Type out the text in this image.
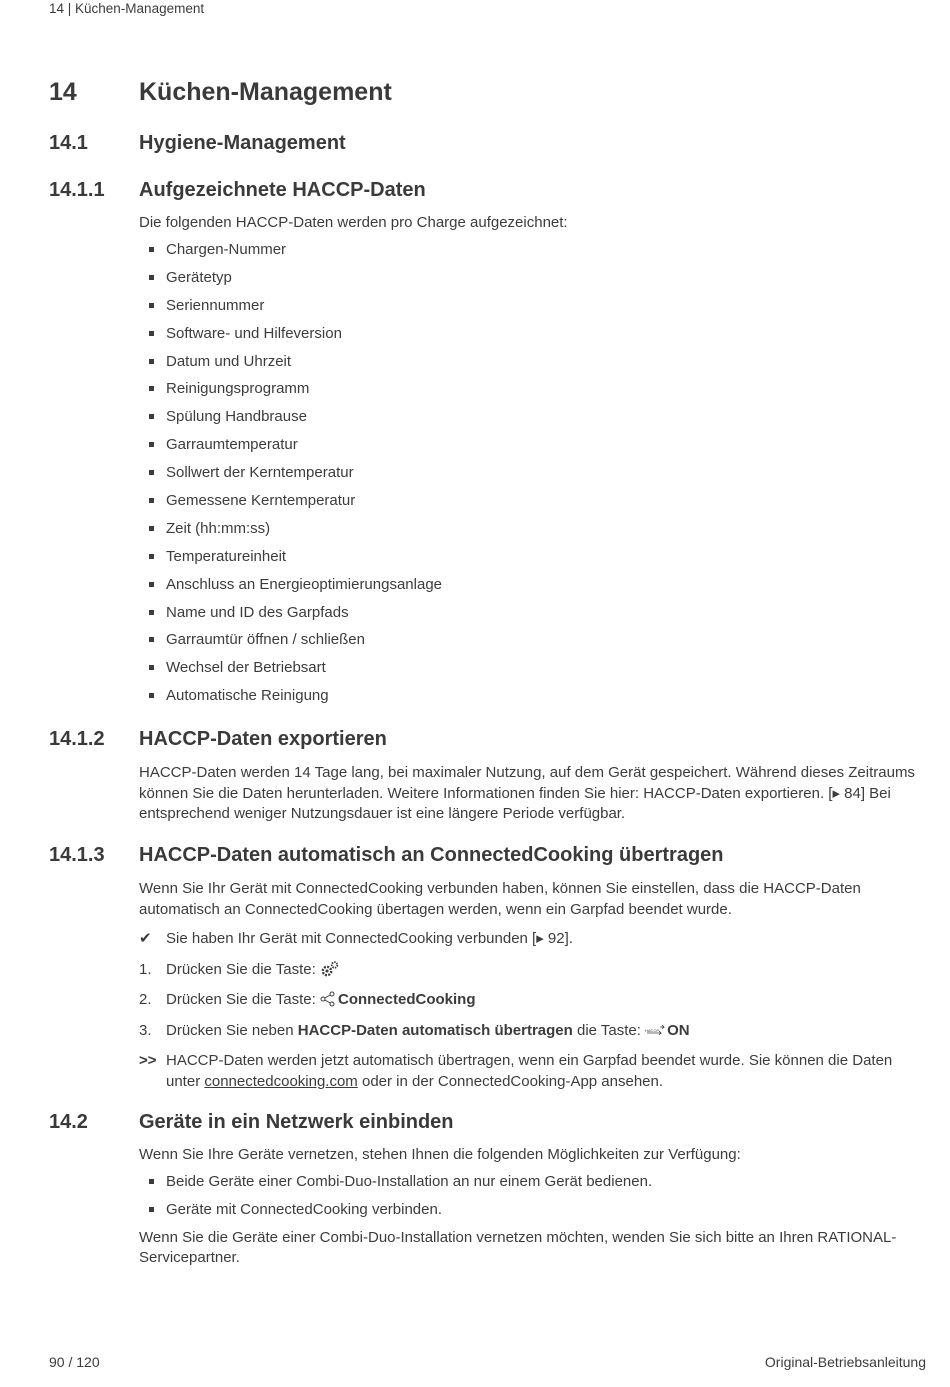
14 | Küchen-Management
14 Küchen-Management
14.1	Hygiene-Management
14.1.1 Aufgezeichnete HACCP-Daten

Die folgenden HACCP-Daten werden pro Charge aufgezeichnet:

Chargen-Nummer
Gerätetyp
Seriennummer
Software- und Hilfeversion
Datum und Uhrzeit
Reinigungsprogramm
Spülung Handbrause
Garraumtemperatur
Sollwert der Kerntemperatur
Gemessene Kerntemperatur
Zeit (hh:mm:ss)
Temperatureinheit
Anschluss an Energieoptimierungsanlage
Name und ID des Garpfads
Garraumtür öffnen / schließen
Wechsel der Betriebsart
Automatische Reinigung
14.1.2 HACCP-Daten exportieren

HACCP-Daten werden 14 Tage lang, bei maximaler Nutzung, auf dem Gerät gespeichert. Während dieses Zeitraums können Sie die Daten herunterladen. Weitere Informationen finden Sie hier: HACCP-Daten exportieren. [▸ 84] Bei entsprechend weniger Nutzungsdauer ist eine längere Periode verfügbar.

14.1.3 HACCP-Daten automatisch an ConnectedCooking übertragen

Wenn Sie Ihr Gerät mit ConnectedCooking verbunden haben, können Sie einstellen, dass die HACCP-Daten automatisch an ConnectedCooking übertagen werden, wenn ein Garpfad beendet wurde.

✔ Sie haben Ihr Gerät mit ConnectedCooking verbunden [▸ 92].
1. Drücken Sie die Taste:
2. Drücken Sie die Taste: ConnectedCooking
3. Drücken Sie neben HACCP-Daten automatisch übertragen die Taste: HACCP ON
>> HACCP-Daten werden jetzt automatisch übertragen, wenn ein Garpfad beendet wurde. Sie können die Daten unter connectedcooking.com oder in der ConnectedCooking-App ansehen.
14.2	Geräte in ein Netzwerk einbinden

Wenn Sie Ihre Geräte vernetzen, stehen Ihnen die folgenden Möglichkeiten zur Verfügung:

Beide Geräte einer Combi-Duo-Installation an nur einem Gerät bedienen.
Geräte mit ConnectedCooking verbinden.

Wenn Sie die Geräte einer Combi-Duo-Installation vernetzen möchten, wenden Sie sich bitte an Ihren RATIONAL-Servicepartner.

90 / 120	Original-Betriebsanleitung
